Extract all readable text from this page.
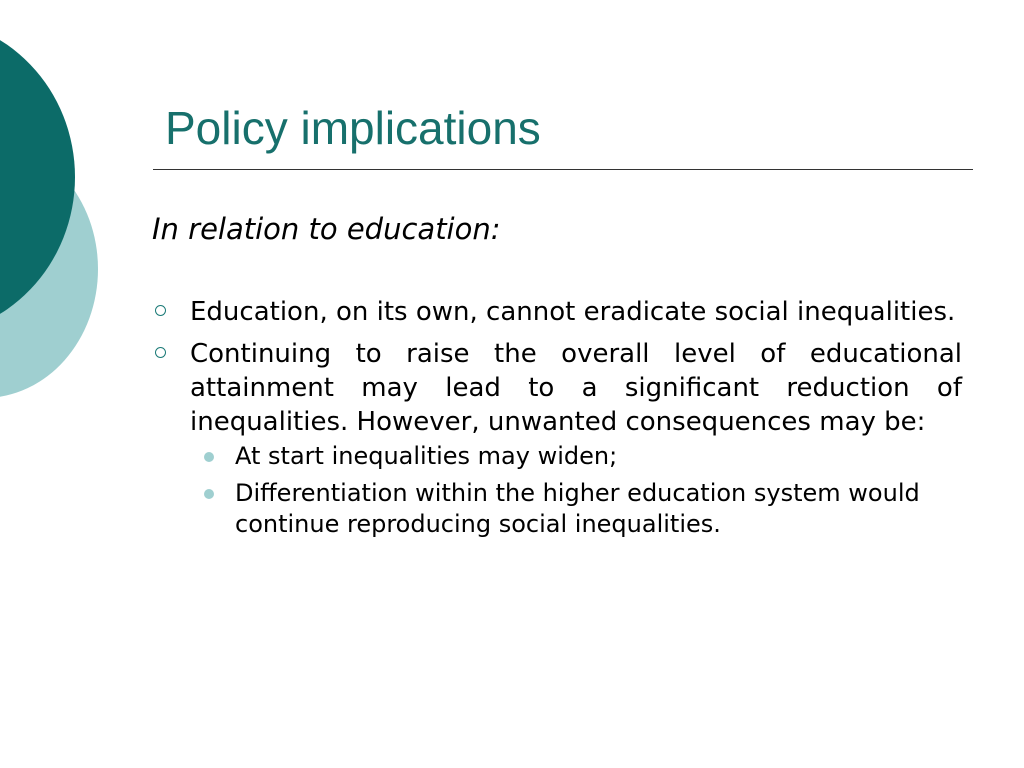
Policy implications
In relation to education:
Education, on its own, cannot eradicate social inequalities.
Continuing to raise the overall level of educational attainment may lead to a significant reduction of inequalities. However, unwanted consequences may be:
At start inequalities may widen;
Differentiation within the higher education system would continue reproducing social inequalities.
